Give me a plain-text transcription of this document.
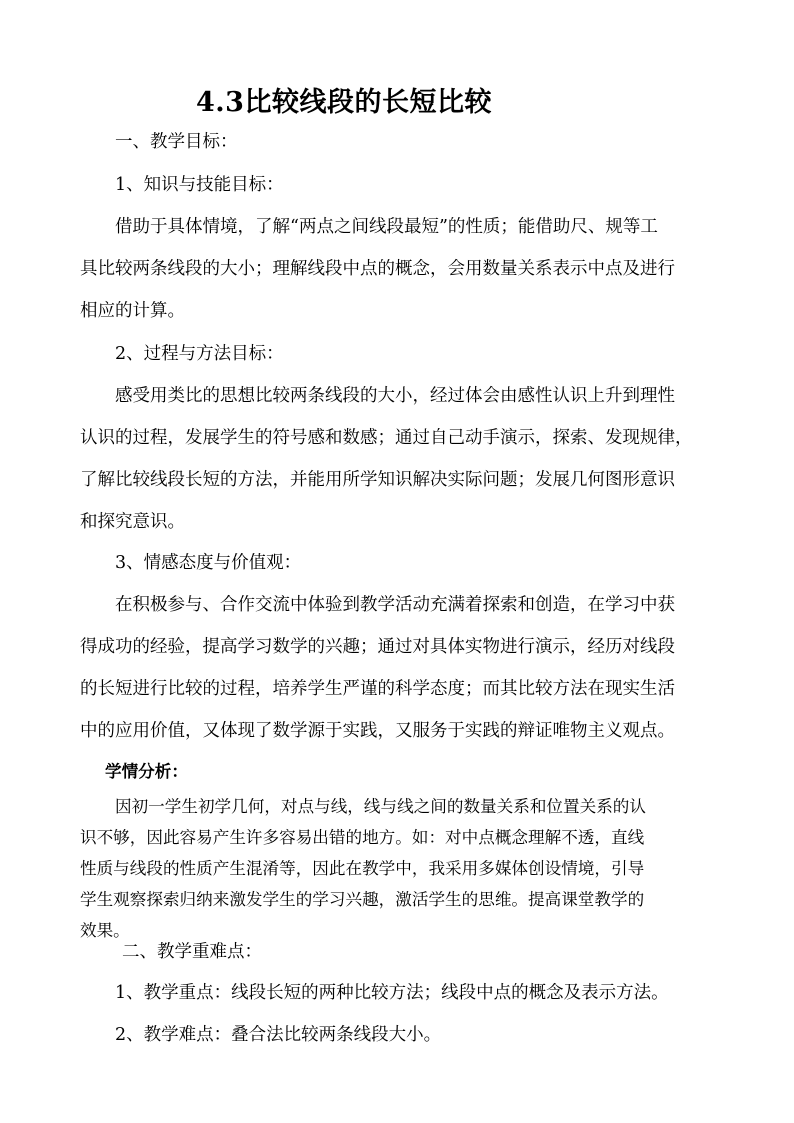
4.3比较线段的长短比较

一、教学目标：

1、知识与技能目标：

借助于具体情境，了解“两点之间线段最短”的性质；能借助尺、规等工

具比较两条线段的大小；理解线段中点的概念，会用数量关系表示中点及进行

相应的计算。

2、过程与方法目标：

感受用类比的思想比较两条线段的大小，经过体会由感性认识上升到理性

认识的过程，发展学生的符号感和数感；通过自己动手演示，探索、发现规律，

了解比较线段长短的方法，并能用所学知识解决实际问题；发展几何图形意识

和探究意识。

3、情感态度与价值观：

在积极参与、合作交流中体验到教学活动充满着探索和创造，在学习中获

得成功的经验，提高学习数学的兴趣；通过对具体实物进行演示，经历对线段

的长短进行比较的过程，培养学生严谨的科学态度；而其比较方法在现实生活

中的应用价值，又体现了数学源于实践，又服务于实践的辩证唯物主义观点。

学情分析：

因初一学生初学几何，对点与线，线与线之间的数量关系和位置关系的认

识不够，因此容易产生许多容易出错的地方。如：对中点概念理解不透，直线

性质与线段的性质产生混淆等，因此在教学中，我采用多媒体创设情境，引导

学生观察探索归纳来激发学生的学习兴趣，激活学生的思维。提高课堂教学的

效果。

二、教学重难点：

1、教学重点：线段长短的两种比较方法；线段中点的概念及表示方法。

2、教学难点：叠合法比较两条线段大小。
